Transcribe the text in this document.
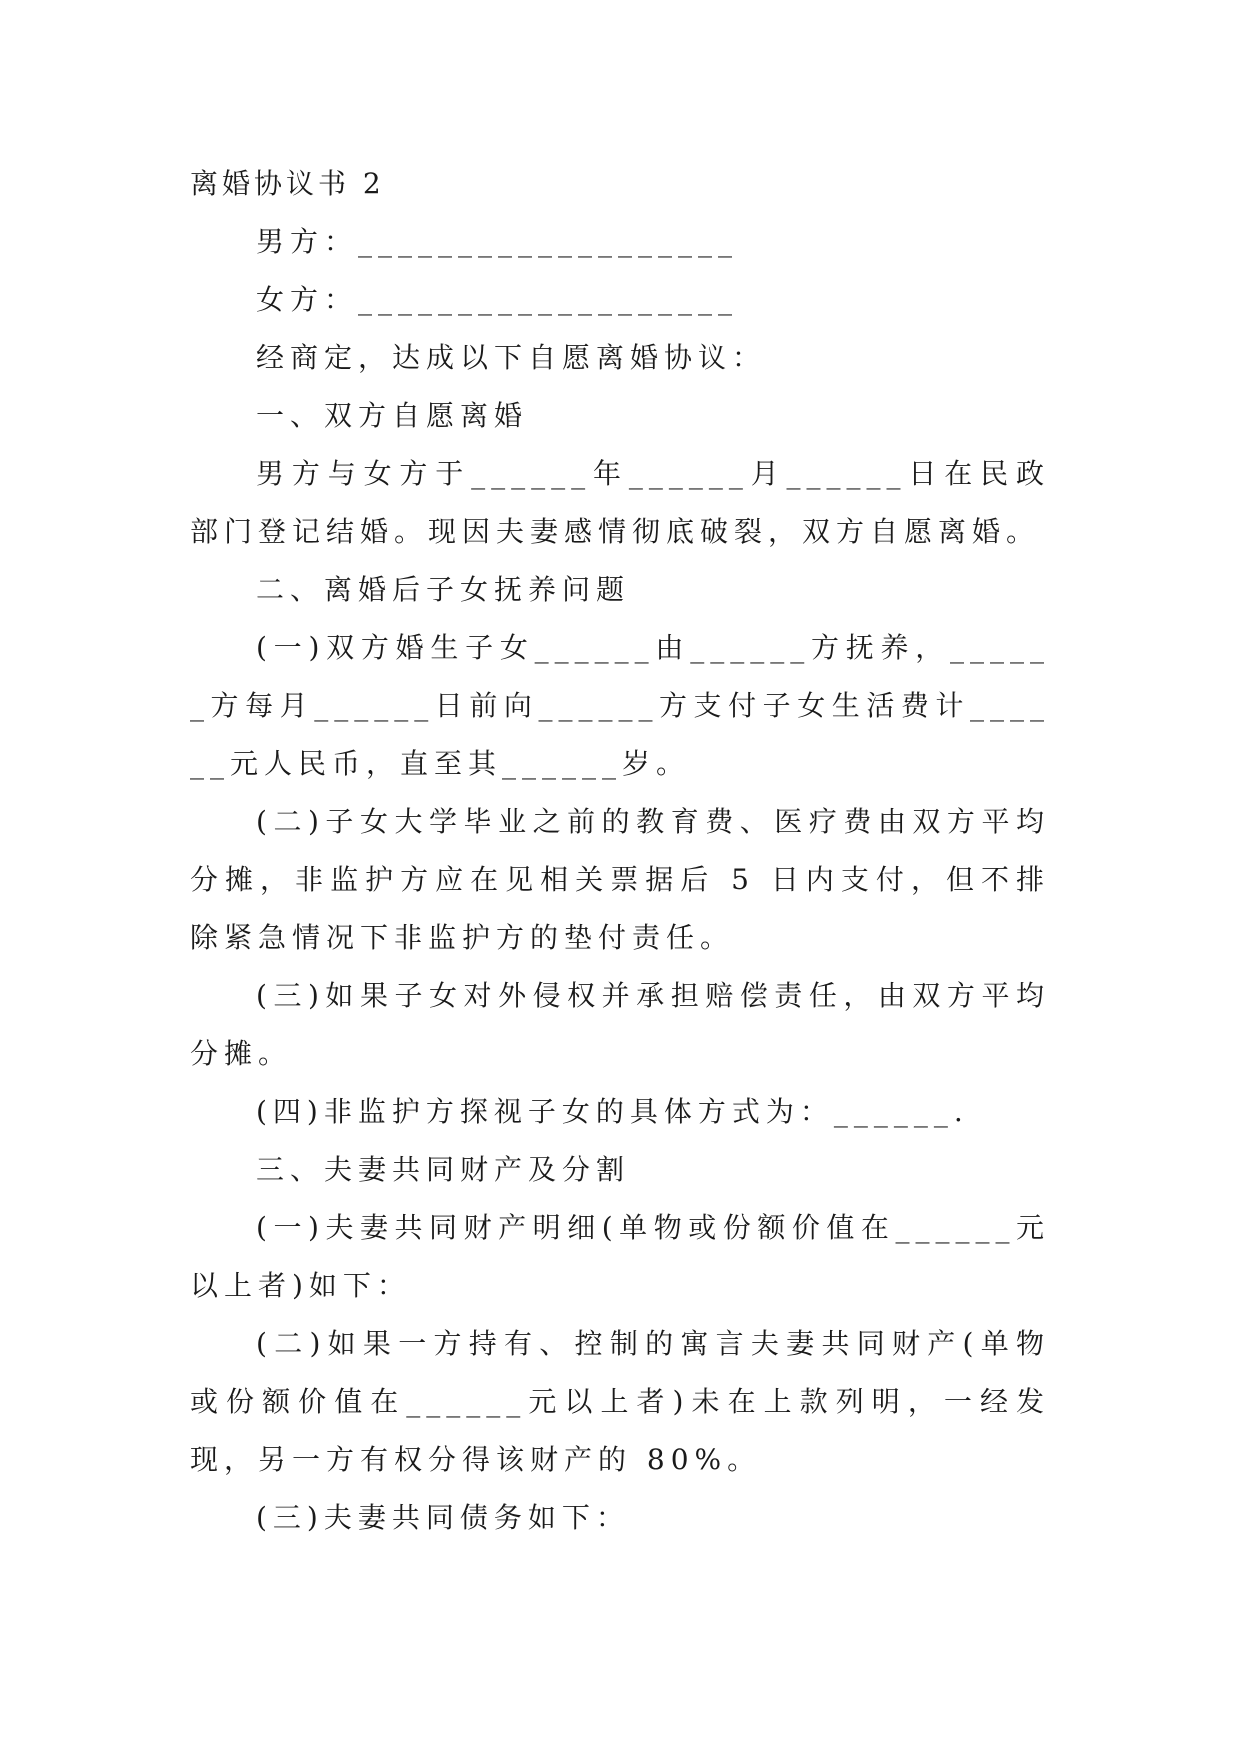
离婚协议书 2

男方：___________________

女方：___________________

经商定，达成以下自愿离婚协议：

一、双方自愿离婚

男方与女方于______年______月______日在民政部门登记结婚。现因夫妻感情彻底破裂，双方自愿离婚。

二、离婚后子女抚养问题

(一)双方婚生子女______由______方抚养，______方每月______日前向______方支付子女生活费计______元人民币，直至其______岁。

(二)子女大学毕业之前的教育费、医疗费由双方平均分摊，非监护方应在见相关票据后 5 日内支付，但不排除紧急情况下非监护方的垫付责任。

(三)如果子女对外侵权并承担赔偿责任，由双方平均分摊。

(四)非监护方探视子女的具体方式为：______.

三、夫妻共同财产及分割

(一)夫妻共同财产明细(单物或份额价值在______元以上者)如下：

(二)如果一方持有、控制的寓言夫妻共同财产(单物或份额价值在______元以上者)未在上款列明，一经发现，另一方有权分得该财产的 80%。

(三)夫妻共同债务如下：
